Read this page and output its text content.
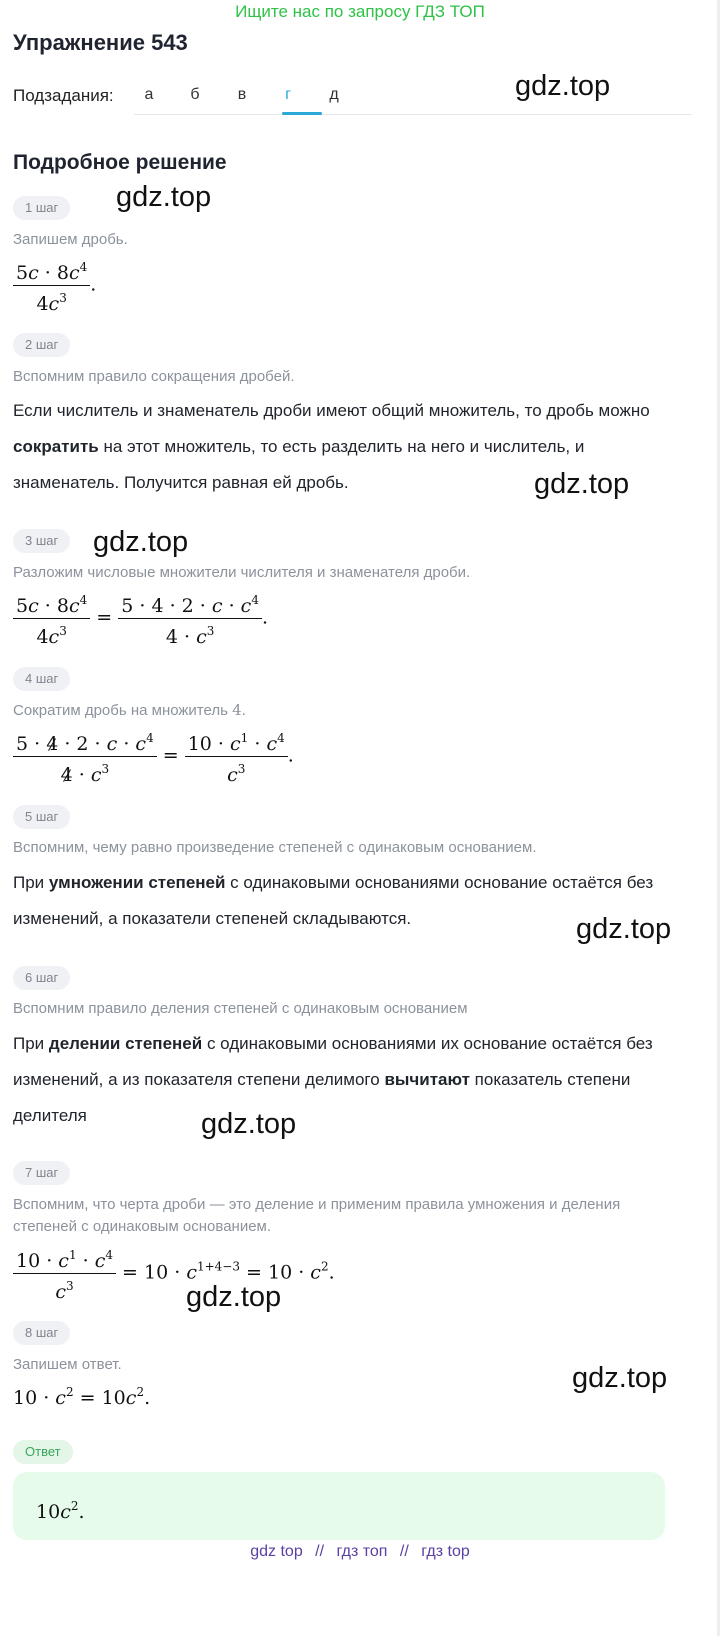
Ищите нас по запросу ГДЗ ТОП
Упражнение 543
Подзадания:	а	б	в	г	д	gdz.top
Подробное решение
1 шаг	gdz.top
Запишем дробь.
$\frac{5c \cdot 8c^4}{4c^3}$ .
2 шаг
Вспомним правило сокращения дробей.
Если числитель и знаменатель дроби имеют общий множитель, то дробь можно сократить на этот множитель, то есть разделить на него и числитель, и знаменатель. Получится равная ей дробь.	gdz.top
3 шаг	gdz.top
Разложим числовые множители числителя и знаменателя дроби.
$\frac{5c \cdot 8c^4}{4c^3} = \frac{5 \cdot 4 \cdot 2 \cdot c \cdot c^4}{4 \cdot c^3}$ .
4 шаг
Сократим дробь на множитель 4.
$\frac{5 \cdot 4 \cdot 2 \cdot c \cdot c^4}{4 \cdot c^3} = \frac{10 \cdot c^1 \cdot c^4}{c^3}$ .
5 шаг
Вспомним, чему равно произведение степеней с одинаковым основанием.
При умножении степеней с одинаковыми основаниями основание остаётся без изменений, а показатели степеней складываются.	gdz.top
6 шаг
Вспомним правило деления степеней с одинаковым основанием
При делении степеней с одинаковыми основаниями их основание остаётся без изменений, а из показателя степени делимого вычитают показатель степени делителя	gdz.top
7 шаг
Вспомним, что черта дроби — это деление и применим правила умножения и деления степеней с одинаковым основанием.
$\frac{10 \cdot c^1 \cdot c^4}{c^3} = 10 \cdot c^{1+4-3} = 10 \cdot c^2$.
gdz.top
8 шаг
Запишем ответ.
$10 \cdot c^2 = 10c^2$.
gdz.top
Ответ
$10c^2$.
gdz top // гдз топ // гдз top
